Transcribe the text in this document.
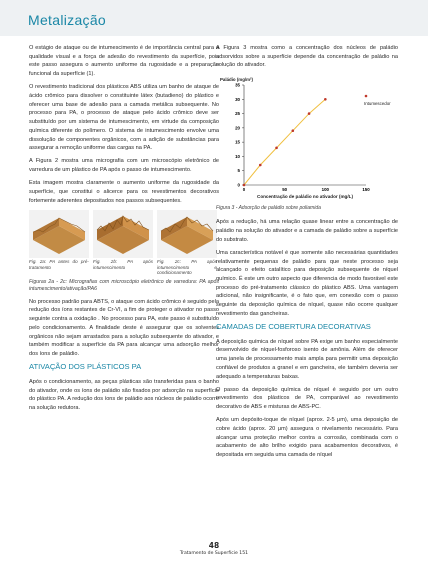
Metalização

O estágio de ataque ou de intumescimento é de importância central para a qualidade visual e a força de adesão do revestimento da superfície, pois este passo assegura o aumento uniforme da rugosidade e a preparação funcional da superfície (1).

O revestimento tradicional dos plásticos ABS utiliza um banho de ataque de ácido crômico para dissolver o constituinte látex (butadieno) do plástico e oferecer uma base de adesão para a camada metálica subsequente. No processo para PA, o processo de ataque pelo ácido crômico deve ser substituído por um sistema de intumescimento, em virtude da composição química diferente do polímero. O sistema de intumescimento envolve uma dissolução de componentes orgânicos, com a adição de substâncias para assegurar a remoção uniforme das cargas na PA.

A Figura 2 mostra uma micrografia com um microscópio eletrônico de varredura de um plástico de PA após o passo de intumescimento.

Esta imagem mostra claramente o aumento uniforme da rugosidade da superfície, que constitui o alicerce para os revestimentos decorativos fortemente aderentes depositados nos passos subsequentes.

Fig. 2a: PA antes do pré-tratamento
Fig. 2b: PA após intumescimento
Fig. 2c: PA após intumescimento e condicionamento
Figuras 2a - 2c: Micrografias com microscópio eletrônico de varredura: PA após intumescimento/ativação/PA6

No processo padrão para ABTS, o ataque com ácido crômico é seguido pela redução dos íons restantes de Cr-VI, a fim de proteger o ativador no passo seguinte contra a oxidação . No processo para PA, este passo é substituído pelo condicionamento. A finalidade deste é assegurar que os solventes orgânicos não sejam arrastados para a solução subsequente do ativador, e também modificar a superfície da PA para alcançar uma adsorção melhor dos íons de paládio.

ATIVAÇÃO DOS PLÁSTICOS PA

Após o condicionamento, as peças plásticas são transferidas para o banho do ativador, onde os íons de paládio são fixados por adsorção na superfície do plástico PA. A redução dos íons de paládio aos núcleos de paládio ocorre na solução redutora.

A Figura 3 mostra como a concentração dos núcleos de paládio adsorvidos sobre a superfície depende da concentração de paládio na solução do ativador.

Paládio (mg/m²)
0	50	100	150
0
5
10
15
20
25
30
35
Intumescedor
Concentração de paládio no ativador (mg/L)
Figura 3 - Adsorção de paládio sobre poliamida

Após a redução, há uma relação quase linear entre a concentração de paládio na solução do ativador e a camada de paládio sobre a superfície do substrato.

Uma característica notável é que somente são necessárias quantidades relativamente pequenas de paládio para que neste processo seja alcançado o efeito catalítico para deposição subsequente de níquel químico. É este um outro aspecto que diferencia de modo favorável este processo do pré-tratamento clássico do plástico ABS. Uma vantagem adicional, não insignificante, é o fato que, em conexão com o passo seguinte da deposição química de níquel, quase não ocorre qualquer revestimento das gancheiras.

CAMADAS DE COBERTURA DECORATIVAS

A deposição química de níquel sobre PA exige um banho especialmente desenvolvido de níquel-fosforoso isento de amônia. Além de oferecer uma janela de processamento mais ampla para permitir uma deposição confiável de produtos a granel e em gancheira, ele também deveria ser adequado a temperaturas baixas.

O passo da deposição química de níquel é seguido por um outro revestimento dos plásticos de PA, comparável ao revestimento decorativo de ABS e misturas de ABS-PC.

Após um depósito-toque de níquel (aprox. 2-5 μm), uma deposição de cobre ácido (aprox. 20 μm) assegura o nivelamento necessário. Para alcançar uma proteção melhor contra a corrosão, combinada com o acabamento de alto brilho exigido para acabamentos decorativos, é depositada em seguida uma camada de níquel

48
Tratamento de Superfície 151
